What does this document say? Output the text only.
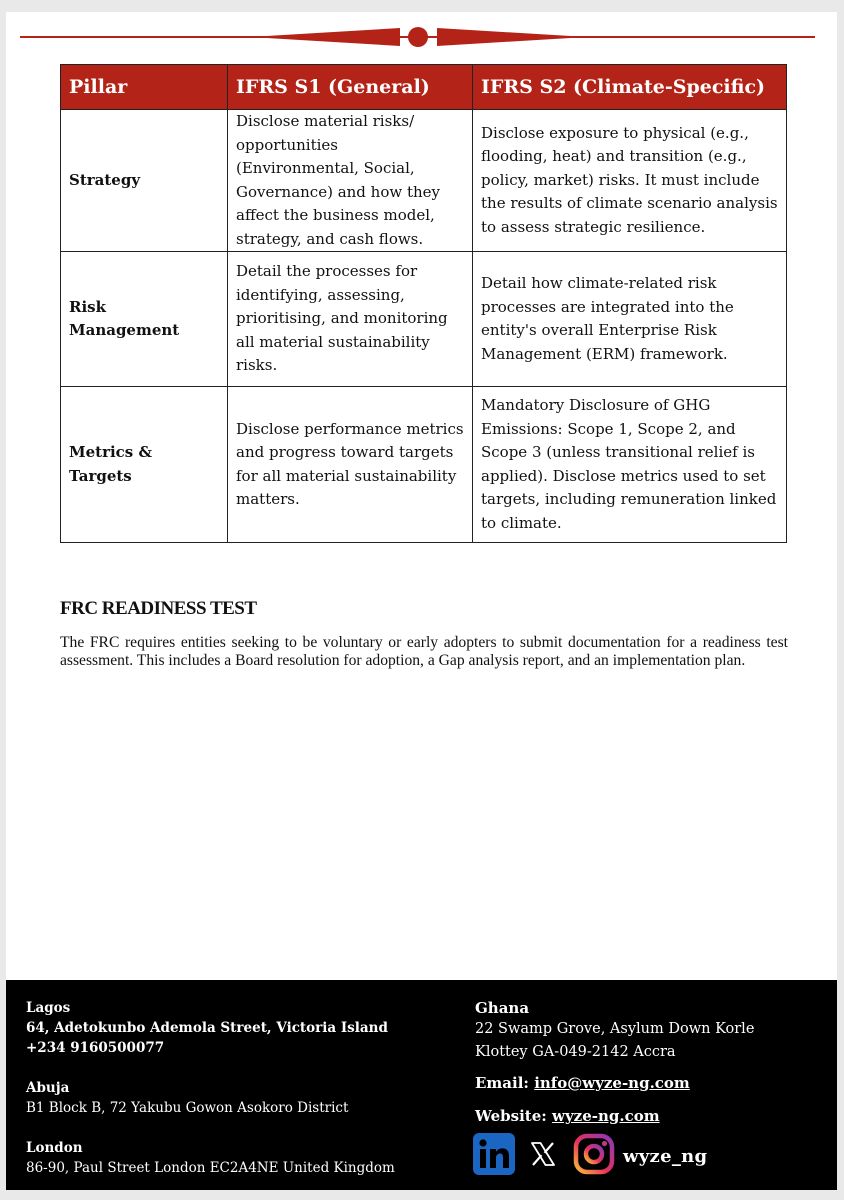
Pillar	IFRS S1 (General)	IFRS S2 (Climate-Specific)
Strategy	Disclose material risks/ opportunities (Environmental, Social, Governance) and how they affect the business model, strategy, and cash flows.	Disclose exposure to physical (e.g., flooding, heat) and transition (e.g., policy, market) risks. It must include the results of climate scenario analysis to assess strategic resilience.
Risk Management	Detail the processes for identifying, assessing, prioritising, and monitoring all material sustainability risks.	Detail how climate-related risk processes are integrated into the entity's overall Enterprise Risk Management (ERM) framework.
Metrics & Targets	Disclose performance metrics and progress toward targets for all material sustainability matters.	Mandatory Disclosure of GHG Emissions: Scope 1, Scope 2, and Scope 3 (unless transitional relief is applied). Disclose metrics used to set targets, including remuneration linked to climate.
FRC READINESS TEST

The FRC requires entities seeking to be voluntary or early adopters to submit documentation for a readiness test assessment. This includes a Board resolution for adoption, a Gap analysis report, and an implementation plan.

Lagos
64, Adetokunbo Ademola Street, Victoria Island
+234 9160500077
Abuja
B1 Block B, 72 Yakubu Gowon Asokoro District
London
86-90, Paul Street London EC2A4NE United Kingdom
Ghana
22 Swamp Grove, Asylum Down Korle
Klottey GA-049-2142 Accra
Email: info@wyze-ng.com
Website: wyze-ng.com
wyze_ng
